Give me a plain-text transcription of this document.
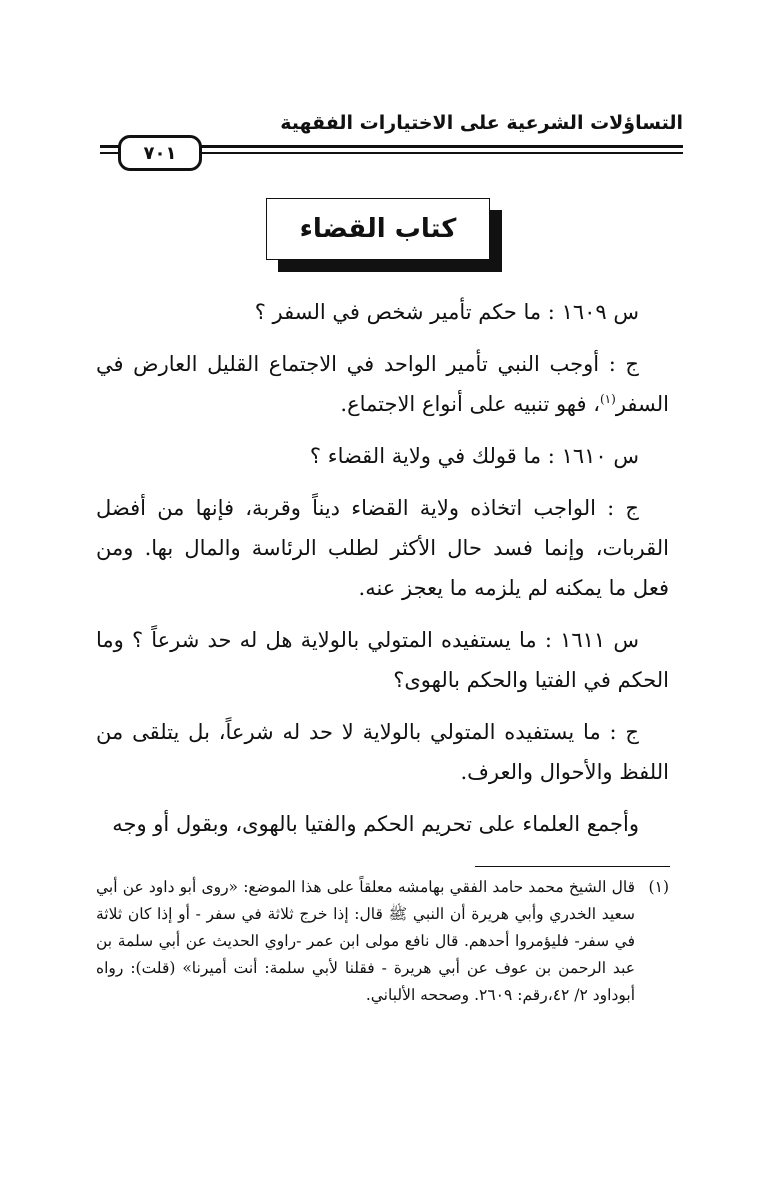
التساؤلات الشرعية على الاختيارات الفقهية
٧٠١
كتاب القضاء

س ١٦٠٩ : ما حكم تأمير شخص في السفر ؟

ج : أوجب النبي تأمير الواحد في الاجتماع القليل العارض في السفر$^{(١)}$، فهو تنبيه على أنواع الاجتماع.

س ١٦١٠ : ما قولك في ولاية القضاء ؟

ج : الواجب اتخاذه ولاية القضاء ديناً وقربة، فإنها من أفضل القربات، وإنما فسد حال الأكثر لطلب الرئاسة والمال بها. ومن فعل ما يمكنه لم يلزمه ما يعجز عنه.

س ١٦١١ : ما يستفيده المتولي بالولاية هل له حد شرعاً ؟ وما الحكم في الفتيا والحكم بالهوى؟

ج : ما يستفيده المتولي بالولاية لا حد له شرعاً، بل يتلقى من اللفظ والأحوال والعرف.

وأجمع العلماء على تحريم الحكم والفتيا بالهوى، وبقول أو وجه

(١)
قال الشيخ محمد حامد الفقي بهامشه معلقاً على هذا الموضع: «روى أبو داود عن أبي سعيد الخدري وأبي هريرة أن النبي ﷺ قال: إذا خرج ثلاثة في سفر - أو إذا كان ثلاثة في سفر- فليؤمروا أحدهم. قال نافع مولى ابن عمر -راوي الحديث عن أبي سلمة بن عبد الرحمن بن عوف عن أبي هريرة - فقلنا لأبي سلمة: أنت أميرنا» (قلت): رواه أبوداود ٢/ ٤٢،رقم: ٢٦٠٩. وصححه الألباني.
